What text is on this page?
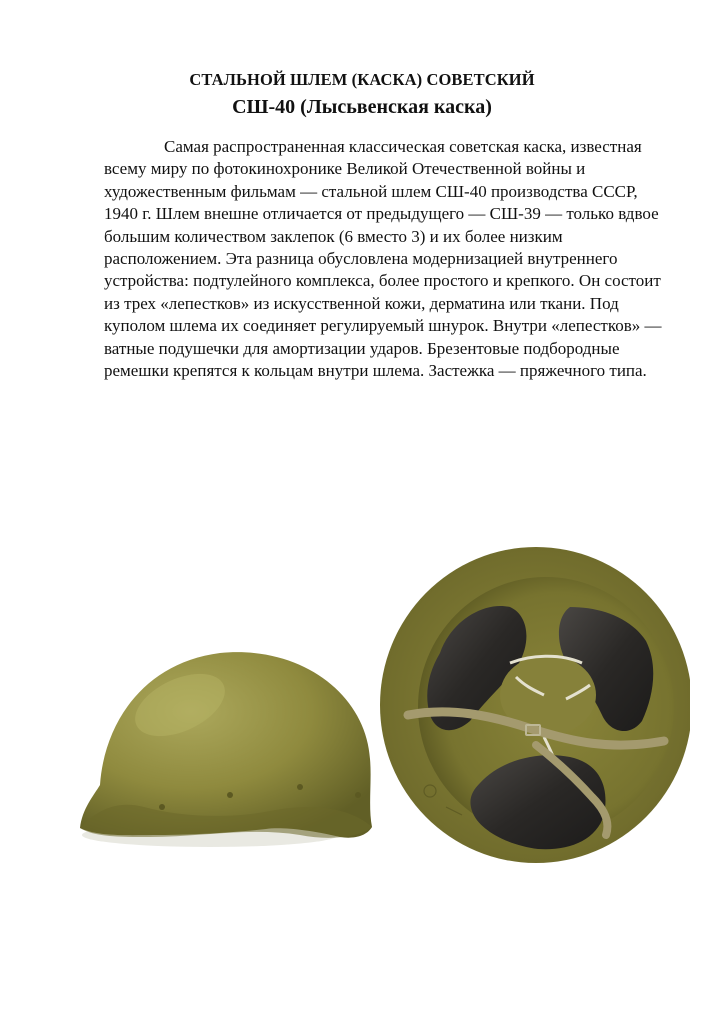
СТАЛЬНОЙ ШЛЕМ (КАСКА) СОВЕТСКИЙ
СШ-40 (Лысьвенская каска)

Самая распространенная классическая советская каска, известная
всему миру по фотокинохронике Великой Отечественной войны и
художественным фильмам — стальной шлем СШ-40 производства СССР,
1940 г. Шлем внешне отличается от предыдущего — СШ-39 — только вдвое
большим количеством заклепок (6 вместо 3) и их более низким
расположением. Эта разница обусловлена модернизацией внутреннего
устройства: подтулейного комплекса, более простого и крепкого. Он состоит
из трех «лепестков» из искусственной кожи, дерматина или ткани. Под
куполом шлема их соединяет регулируемый шнурок. Внутри «лепестков» —
ватные подушечки для амортизации ударов. Брезентовые подбородные
ремешки крепятся к кольцам внутри шлема. Застежка — пряжечного типа.
